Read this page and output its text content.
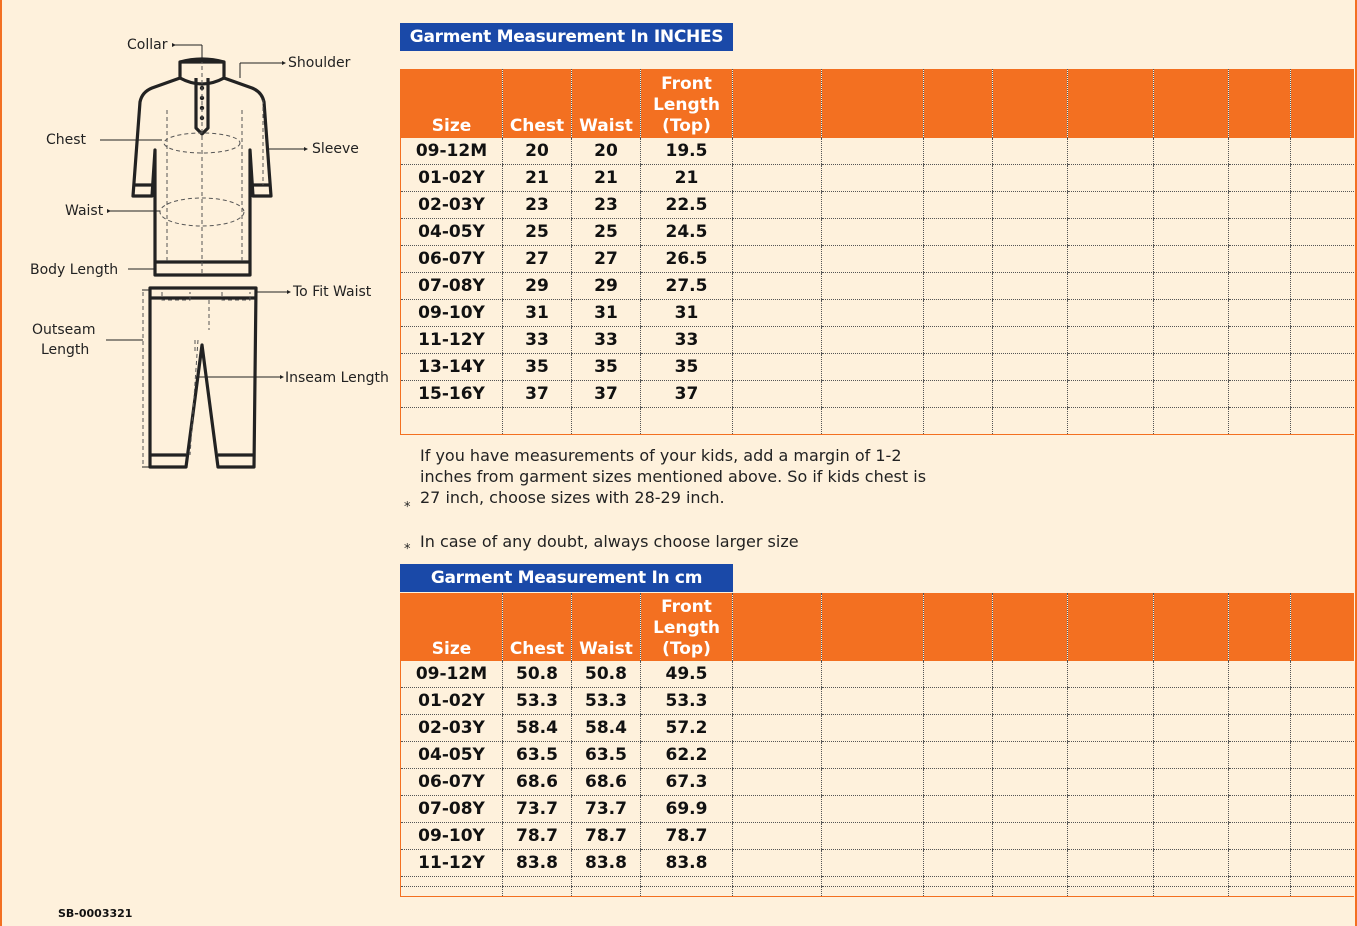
Collar
Shoulder
Chest
Sleeve
Waist
Body Length
To Fit Waist
Outseam
Length
Inseam Length
Garment Measurement In INCHES
Size	Chest	Waist	Front
Length
(Top)								

09-12M	20	20	19.5								
01-02Y	21	21	21								
02-03Y	23	23	22.5								
04-05Y	25	25	24.5								
06-07Y	27	27	26.5								
07-08Y	29	29	27.5								
09-10Y	31	31	31								
11-12Y	33	33	33								
13-14Y	35	35	35								
15-16Y	37	37	37								

*
If you have measurements of your kids, add a margin of 1-2 inches from garment sizes mentioned above. So if kids chest is 27 inch, choose sizes with 28-29 inch.
* In case of any doubt, always choose larger size
Garment Measurement In cm
Size	Chest	Waist	Front
Length
(Top)								

09-12M	50.8	50.8	49.5								
01-02Y	53.3	53.3	53.3								
02-03Y	58.4	58.4	57.2								
04-05Y	63.5	63.5	62.2								
06-07Y	68.6	68.6	67.3								
07-08Y	73.7	73.7	69.9								
09-10Y	78.7	78.7	78.7								
11-12Y	83.8	83.8	83.8								

SB-0003321
